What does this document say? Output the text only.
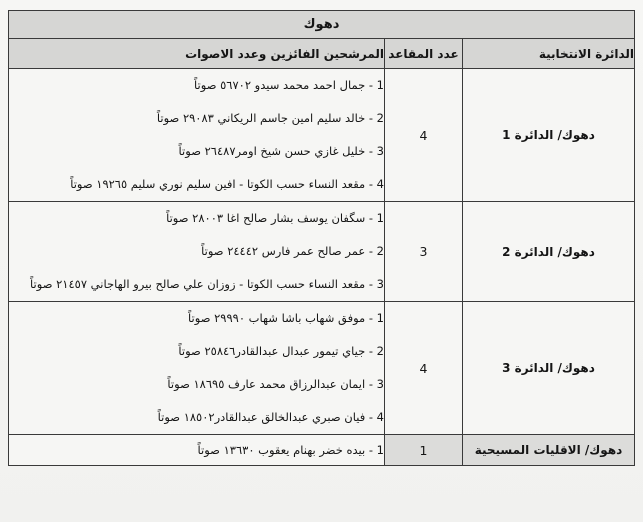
دهوك		
الدائرة الانتخابية	عدد المقاعد	المرشحين الفائزين وعدد الاصوات
دهوك/ الدائرة 1	4	1 - جمال احمد محمد سيدو ٥٦٧٠٢ صوتاً
2 - خالد سليم امين جاسم الريكاني ٢٩٠٨٣ صوتاً
3 - خليل غازي حسن شيخ اومر٢٦٤٨٧ صوتاً
4 - مقعد النساء حسب الكوتا - افين سليم نوري سليم ١٩٢٦٥ صوتاً

دهوك/ الدائرة 2	3	1 - سگفان يوسف بشار صالح اغا ٢٨٠٠٣ صوتاً
2 - عمر صالح عمر فارس ٢٤٤٤٢ صوتاً
3 - مقعد النساء حسب الكوتا - زوزان علي صالح بيرو الهاجاني ٢١٤٥٧ صوتاً

دهوك/ الدائرة 3	4	1 - موفق شهاب باشا شهاب ٢٩٩٩٠ صوتاً
2 - جياي تيمور عبدال عبدالقادر٢٥٨٤٦ صوتاً
3 - ايمان عبدالرزاق محمد عارف ١٨٦٩٥ صوتاً
4 - فيان صبري عبدالخالق عبدالقادر١٨٥٠٢ صوتاً

دهوك/ الاقليات المسيحية	1	1 - بيده خضر بهنام يعقوب ١٣٦٣٠ صوتاً
